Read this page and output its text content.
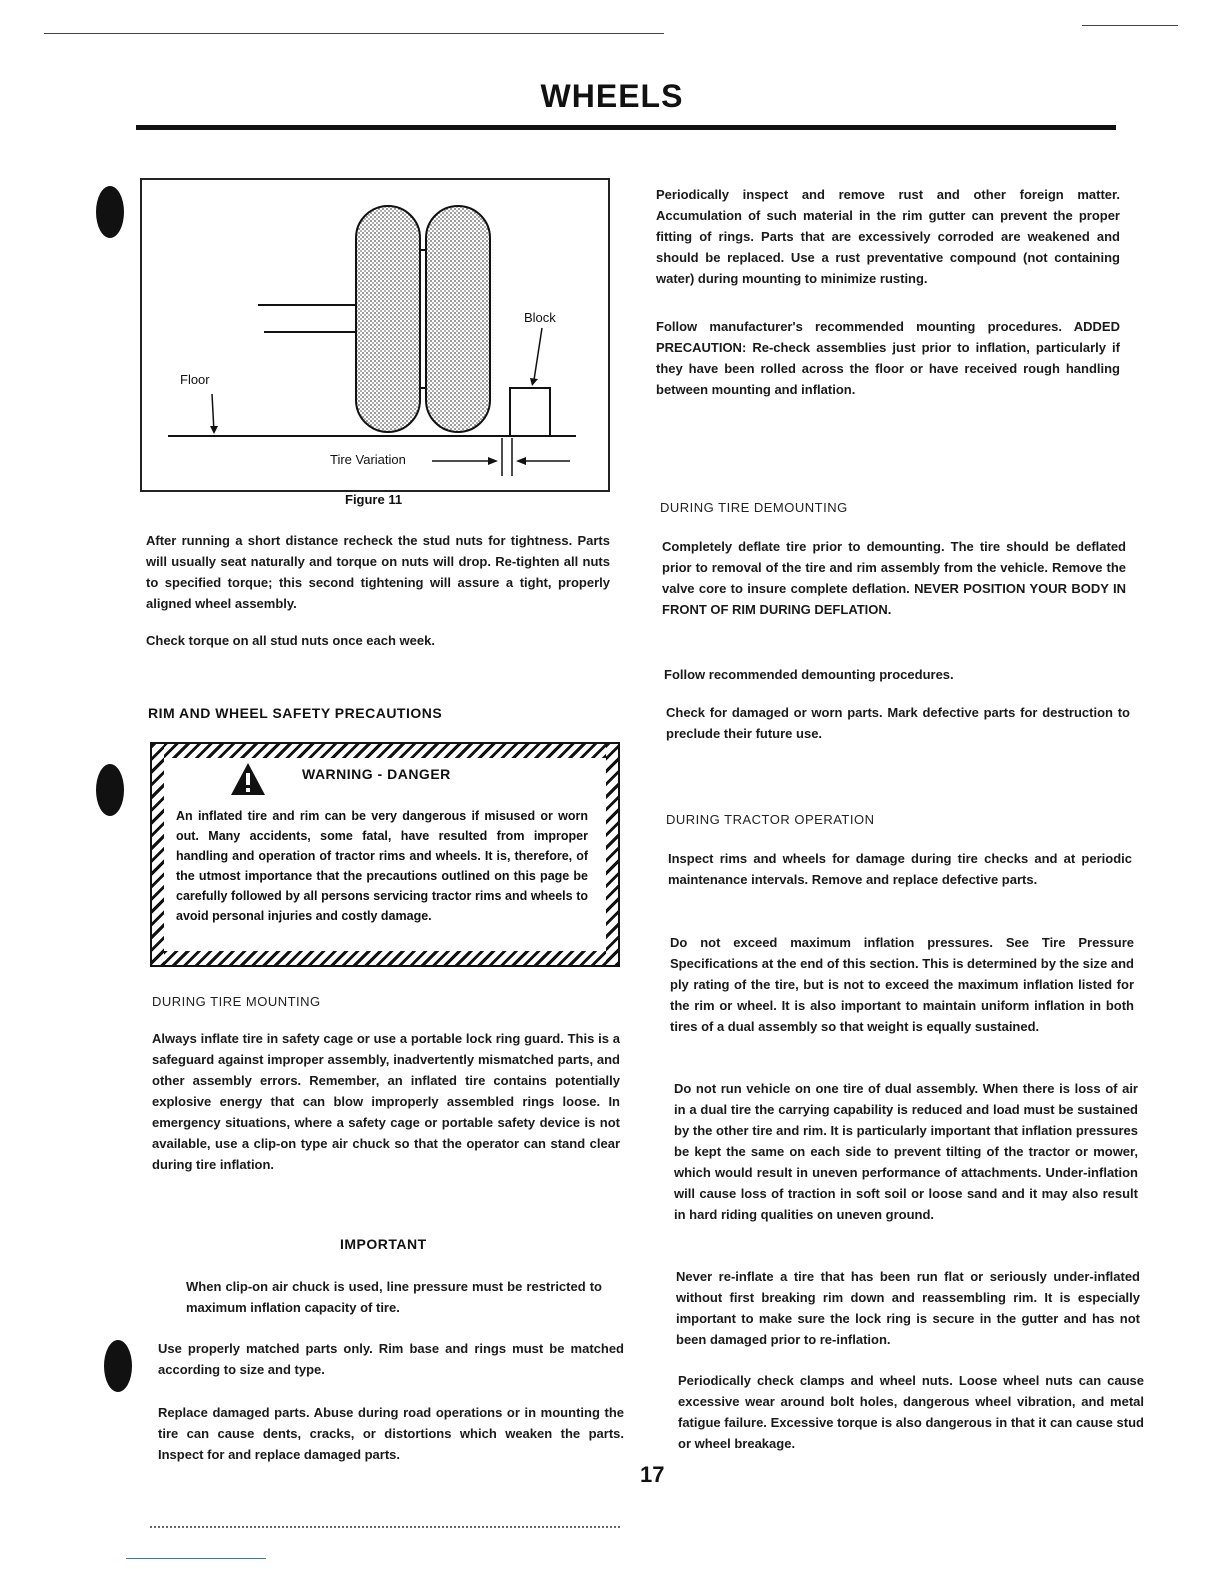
WHEELS
Block
Floor
Tire Variation
Figure 11

After running a short distance recheck the stud nuts for tightness. Parts will usually seat naturally and torque on nuts will drop. Re-tighten all nuts to specified torque; this second tightening will assure a tight, properly aligned wheel assembly.

Check torque on all stud nuts once each week.

RIM AND WHEEL SAFETY PRECAUTIONS

WARNING - DANGER
An inflated tire and rim can be very dangerous if misused or worn out. Many accidents, some fatal, have resulted from improper handling and operation of tractor rims and wheels. It is, therefore, of the utmost importance that the precautions outlined on this page be carefully followed by all persons servicing tractor rims and wheels to avoid personal injuries and costly damage.

DURING TIRE MOUNTING

Always inflate tire in safety cage or use a portable lock ring guard. This is a safeguard against improper assembly, inadvertently mismatched parts, and other assembly errors. Remember, an inflated tire contains potentially explosive energy that can blow improperly assembled rings loose. In emergency situations, where a safety cage or portable safety device is not available, use a clip-on type air chuck so that the operator can stand clear during tire inflation.

IMPORTANT

When clip-on air chuck is used, line pressure must be restricted to maximum inflation capacity of tire.

Use properly matched parts only. Rim base and rings must be matched according to size and type.

Replace damaged parts. Abuse during road operations or in mounting the tire can cause dents, cracks, or distortions which weaken the parts. Inspect for and replace damaged parts.

Periodically inspect and remove rust and other foreign matter. Accumulation of such material in the rim gutter can prevent the proper fitting of rings. Parts that are excessively corroded are weakened and should be replaced. Use a rust preventative compound (not containing water) during mounting to minimize rusting.

Follow manufacturer's recommended mounting procedures. ADDED PRECAUTION: Re-check assemblies just prior to inflation, particularly if they have been rolled across the floor or have received rough handling between mounting and inflation.

DURING TIRE DEMOUNTING

Completely deflate tire prior to demounting. The tire should be deflated prior to removal of the tire and rim assembly from the vehicle. Remove the valve core to insure complete deflation. NEVER POSITION YOUR BODY IN FRONT OF RIM DURING DEFLATION.

Follow recommended demounting procedures.

Check for damaged or worn parts. Mark defective parts for destruction to preclude their future use.

DURING TRACTOR OPERATION

Inspect rims and wheels for damage during tire checks and at periodic maintenance intervals. Remove and replace defective parts.

Do not exceed maximum inflation pressures. See Tire Pressure Specifications at the end of this section. This is determined by the size and ply rating of the tire, but is not to exceed the maximum inflation listed for the rim or wheel. It is also important to maintain uniform inflation in both tires of a dual assembly so that weight is equally sustained.

Do not run vehicle on one tire of dual assembly. When there is loss of air in a dual tire the carrying capability is reduced and load must be sustained by the other tire and rim. It is particularly important that inflation pressures be kept the same on each side to prevent tilting of the tractor or mower, which would result in uneven performance of attachments. Under-inflation will cause loss of traction in soft soil or loose sand and it may also result in hard riding qualities on uneven ground.

Never re-inflate a tire that has been run flat or seriously under-inflated without first breaking rim down and reassembling rim. It is especially important to make sure the lock ring is secure in the gutter and has not been damaged prior to re-inflation.

Periodically check clamps and wheel nuts. Loose wheel nuts can cause excessive wear around bolt holes, dangerous wheel vibration, and metal fatigue failure. Excessive torque is also dangerous in that it can cause stud or wheel breakage.

17
